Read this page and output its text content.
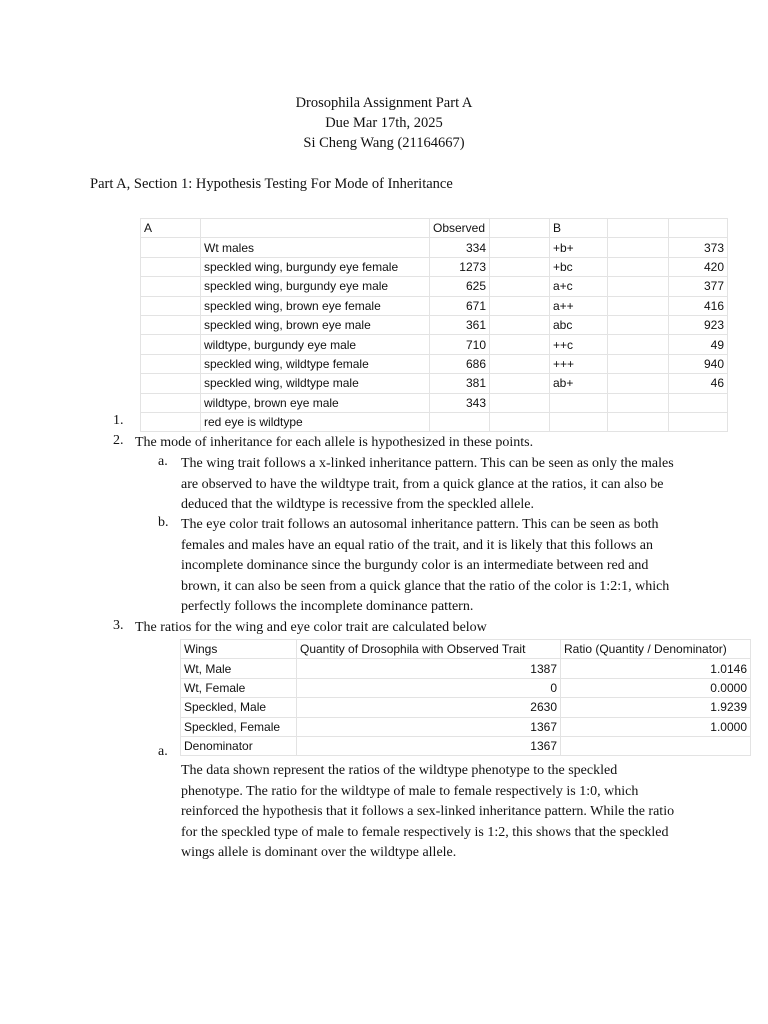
Drosophila Assignment Part A
Due Mar 17th, 2025
Si Cheng Wang (21164667)
Part A, Section 1: Hypothesis Testing For Mode of Inheritance
A		Observed		B		
	Wt males	334		+b+		373
	speckled wing, burgundy eye female	1273		+bc		420
	speckled wing, burgundy eye male	625		a+c		377
	speckled wing, brown eye female	671		a++		416
	speckled wing, brown eye male	361		abc		923
	wildtype, burgundy eye male	710		++c		49
	speckled wing, wildtype female	686		+++		940
	speckled wing, wildtype male	381		ab+		46
	wildtype, brown eye male	343				
	red eye is wildtype					
1.
2. The mode of inheritance for each allele is hypothesized in these points.
a. The wing trait follows a x-linked inheritance pattern. This can be seen as only the males are observed to have the wildtype trait, from a quick glance at the ratios, it can also be deduced that the wildtype is recessive from the speckled allele.
b. The eye color trait follows an autosomal inheritance pattern. This can be seen as both females and males have an equal ratio of the trait, and it is likely that this follows an incomplete dominance since the burgundy color is an intermediate between red and brown, it can also be seen from a quick glance that the ratio of the color is 1:2:1, which perfectly follows the incomplete dominance pattern.
3. The ratios for the wing and eye color trait are calculated below
Wings	Quantity of Drosophila with Observed Trait	Ratio (Quantity / Denominator)
Wt, Male	1387	1.0146
Wt, Female	0	0.0000
Speckled, Male	2630	1.9239
Speckled, Female	1367	1.0000
Denominator	1367	
a.
The data shown represent the ratios of the wildtype phenotype to the speckled phenotype. The ratio for the wildtype of male to female respectively is 1:0, which reinforced the hypothesis that it follows a sex-linked inheritance pattern. While the ratio for the speckled type of male to female respectively is 1:2, this shows that the speckled wings allele is dominant over the wildtype allele.
